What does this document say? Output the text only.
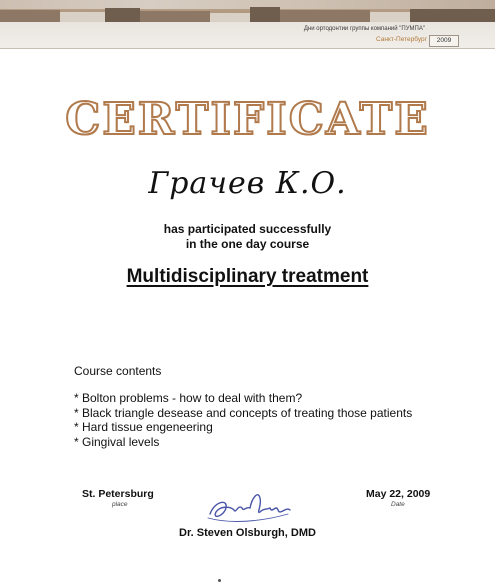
Дни ортодонтии группы компаний "ПУМПА"
Санкт-Петербург	2009
CERTIFICATE
Грачев К.О.
has participated successfully
in the one day course
Multidisciplinary treatment
Course contents
* Bolton problems - how to deal with them?
* Black triangle desease and concepts of treating those patients
* Hard tissue engeneering
* Gingival levels
St. Petersburg
place
May 22, 2009
Date
Dr. Steven Olsburgh, DMD
